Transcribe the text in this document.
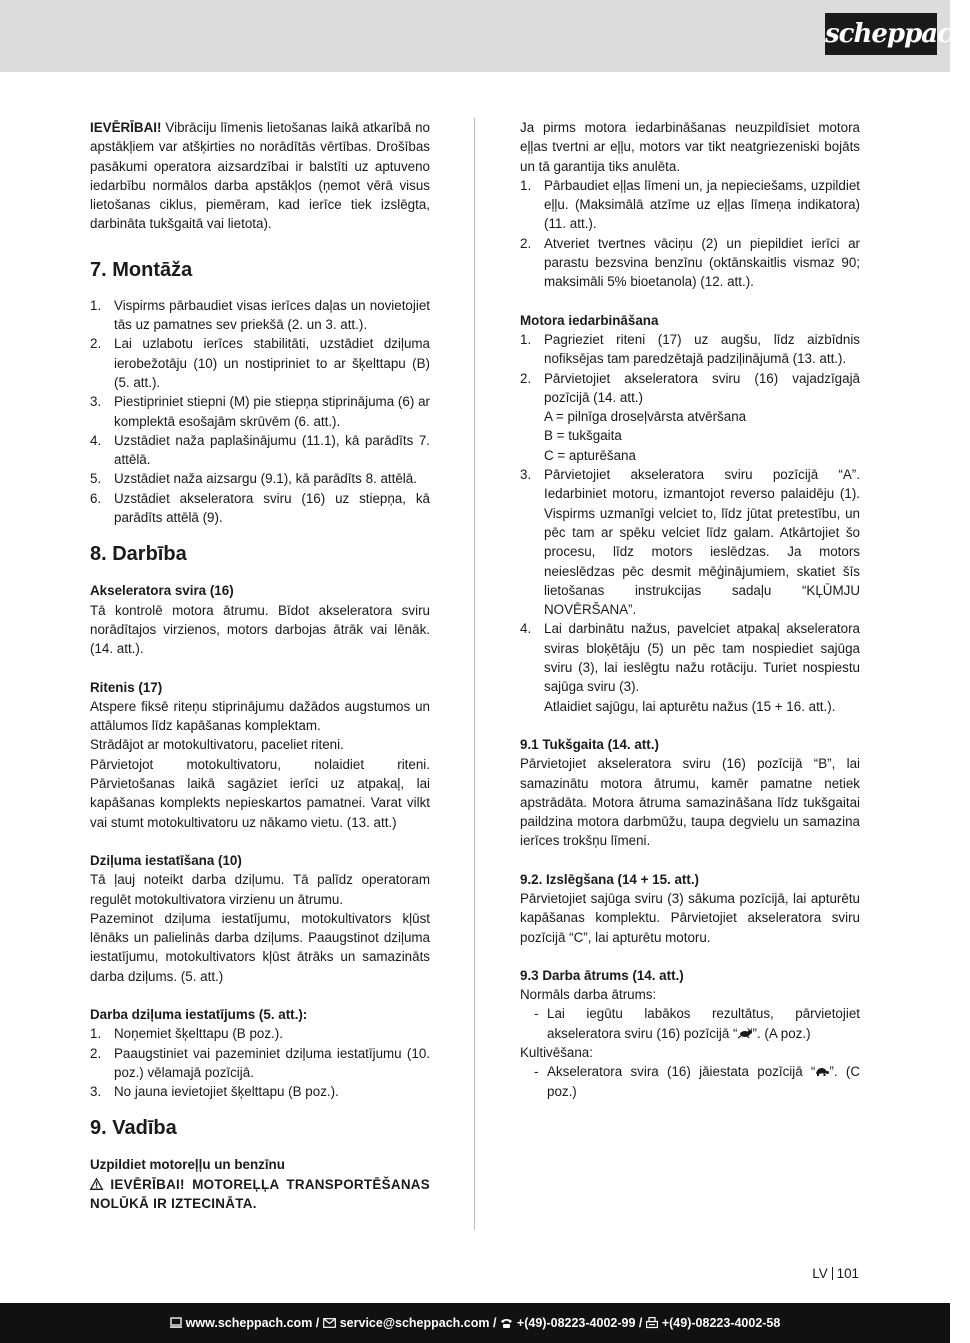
scheppach

IEVĒRĪBAI! Vibrāciju līmenis lietošanas laikā atkarībā no apstākļiem var atšķirties no norādītās vērtības. Drošības pasākumi operatora aizsardzībai ir balstīti uz aptuveno iedarbību normālos darba apstākļos (ņemot vērā visus lietošanas ciklus, piemēram, kad ierīce tiek izslēgta, darbināta tukšgaitā vai lietota).

7. Montāža
1. Vispirms pārbaudiet visas ierīces daļas un novietojiet tās uz pamatnes sev priekšā (2. un 3. att.).
2. Lai uzlabotu ierīces stabilitāti, uzstādiet dziļuma ierobežotāju (10) un nostipriniet to ar šķelttapu (B) (5. att.).
3. Piestipriniet stiepni (M) pie stiepņa stiprinājuma (6) ar komplektā esošajām skrūvēm (6. att.).
4. Uzstādiet naža paplašinājumu (11.1), kā parādīts 7. attēlā.
5. Uzstādiet naža aizsargu (9.1), kā parādīts 8. attēlā.
6. Uzstādiet akseleratora sviru (16) uz stiepņa, kā parādīts attēlā (9).
8. Darbība
Akseleratora svira (16)

Tā kontrolē motora ātrumu. Bīdot akseleratora sviru norādītajos virzienos, motors darbojas ātrāk vai lēnāk. (14. att.).

Ritenis (17)

Atspere fiksē riteņu stiprinājumu dažādos augstumos un attālumos līdz kapāšanas komplektam.

Strādājot ar motokultivatoru, paceliet riteni.

Pārvietojot motokultivatoru, nolaidiet riteni. Pārvietošanas laikā sagāziet ierīci uz atpakaļ, lai kapāšanas komplekts nepieskartos pamatnei. Varat vilkt vai stumt motokultivatoru uz nākamo vietu. (13. att.)

Dziļuma iestatīšana (10)

Tā ļauj noteikt darba dziļumu. Tā palīdz operatoram regulēt motokultivatora virzienu un ātrumu.

Pazeminot dziļuma iestatījumu, motokultivators kļūst lēnāks un palielinās darba dziļums. Paaugstinot dziļuma iestatījumu, motokultivators kļūst ātrāks un samazināts darba dziļums. (5. att.)

Darba dziļuma iestatījums (5. att.):
1. Noņemiet šķelttapu (B poz.).
2. Paaugstiniet vai pazeminiet dziļuma iestatījumu (10. poz.) vēlamajā pozīcijā.
3. No jauna ievietojiet šķelttapu (B poz.).
9. Vadība
Uzpildiet motoreļļu un benzīnu

IEVĒRĪBAI! MOTOREĻĻA TRANSPORTĒŠANAS NOLŪKĀ IR IZTECINĀTA.

Ja pirms motora iedarbināšanas neuzpildīsiet motora eļļas tvertni ar eļļu, motors var tikt neatgriezeniski bojāts un tā garantija tiks anulēta.

1. Pārbaudiet eļļas līmeni un, ja nepieciešams, uzpildiet eļļu. (Maksimālā atzīme uz eļļas līmeņa indikatora) (11. att.).
2. Atveriet tvertnes vāciņu (2) un piepildiet ierīci ar parastu bezsvina benzīnu (oktānskaitlis vismaz 90; maksimāli 5% bioetanola) (12. att.).
Motora iedarbināšana
1. Pagrieziet riteni (17) uz augšu, līdz aizbīdnis nofiksējas tam paredzētajā padziļinājumā (13. att.).
2. Pārvietojiet akseleratora sviru (16) vajadzīgajā pozīcijā (14. att.)
A = pilnīga droseļvārsta atvēršana
B = tukšgaita
C = apturēšana
3. Pārvietojiet akseleratora sviru pozīcijā “A”. Iedarbiniet motoru, izmantojot reverso palaidēju (1). Vispirms uzmanīgi velciet to, līdz jūtat pretestību, un pēc tam ar spēku velciet līdz galam. Atkārtojiet šo procesu, līdz motors ieslēdzas. Ja motors neieslēdzas pēc desmit mēģinājumiem, skatiet šīs lietošanas instrukcijas sadaļu “KĻŪMJU NOVĒRŠANA”.
4. Lai darbinātu nažus, pavelciet atpakaļ akseleratora sviras bloķētāju (5) un pēc tam nospiediet sajūga sviru (3), lai ieslēgtu nažu rotāciju. Turiet nospiestu sajūga sviru (3).
Atlaidiet sajūgu, lai apturētu nažus (15 + 16. att.).
9.1 Tukšgaita (14. att.)

Pārvietojiet akseleratora sviru (16) pozīcijā “B”, lai samazinātu motora ātrumu, kamēr pamatne netiek apstrādāta. Motora ātruma samazināšana līdz tukšgaitai paildzina motora darbmūžu, taupa degvielu un samazina ierīces trokšņu līmeni.

9.2. Izslēgšana (14 + 15. att.)

Pārvietojiet sajūga sviru (3) sākuma pozīcijā, lai apturētu kapāšanas komplektu. Pārvietojiet akseleratora sviru pozīcijā “C”, lai apturētu motoru.

9.3 Darba ātrums (14. att.)

Normāls darba ātrums:

- Lai iegūtu labākos rezultātus, pārvietojiet akseleratora sviru (16) pozīcijā “ ”. (A poz.)

Kultivēšana:

- Akseleratora svira (16) jāiestata pozīcijā “ ”. (C poz.)
LV 101
www.scheppach.com / service@scheppach.com / +(49)-08223-4002-99 / +(49)-08223-4002-58
